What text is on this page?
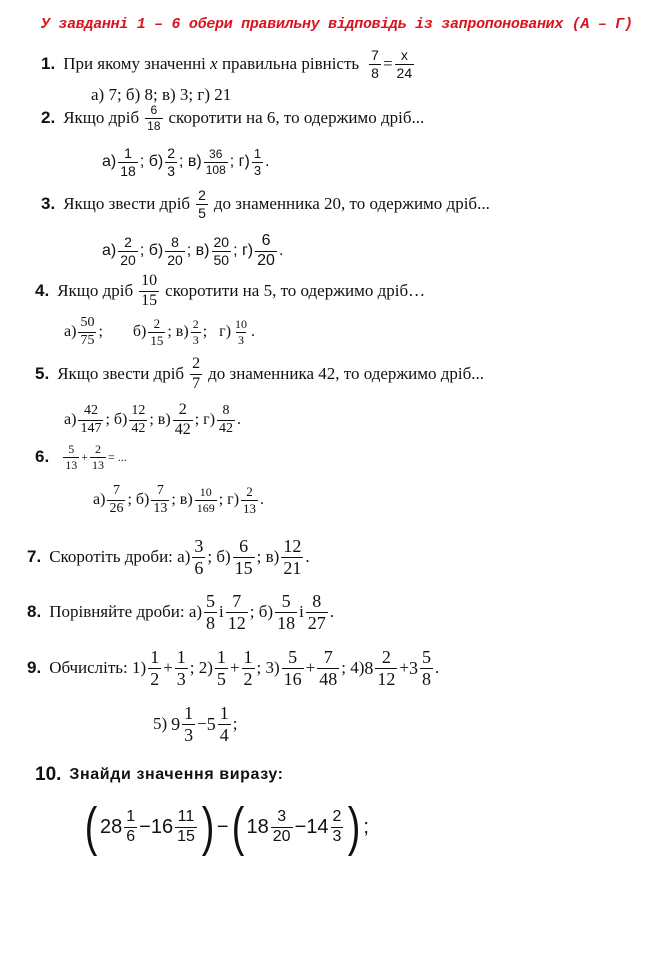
У завданні 1 – 6 обери правильну відповідь із запропонованих (А – Г)
1. При якому значенні x правильна рівність $\frac{7}{8} = \frac{x}{24}$
а) 7; б) 8; в) 3; г) 21
2. Якщо дріб $\frac{6}{18}$ скоротити на 6, то одержимо дріб...
$а) \frac{1}{18}$ ; $б) \frac{2}{3}$ ; $в) \frac{36}{108}$ ; $г) \frac{1}{3}$ .
3. Якщо звести дріб $\frac{2}{5}$ до знаменника 20, то одержимо дріб...
$а) \frac{2}{20}$ ; $б) \frac{8}{20}$ ; $в) \frac{20}{50}$ ; $г) \frac{6}{20}$ .
4. Якщо дріб $\frac{10}{15}$ скоротити на 5, то одержимо дріб…
$а) \frac{50}{75}$ ; $б) \frac{2}{15}$ ; $в) \frac{2}{3}$ ;   $г) \frac{10}{3}$ .
5. Якщо звести дріб $\frac{2}{7}$ до знаменника 42, то одержимо дріб...
$а) \frac{42}{147}$ ; $б) \frac{12}{42}$ ; $в) \frac{2}{42}$ ; $г) \frac{8}{42}$ .
6. $\frac{5}{13} + \frac{2}{13}$ = ...
$а) \frac{7}{26}$ ; $б) \frac{7}{13}$ ; $в) \frac{10}{169}$ ; $г) \frac{2}{13}$ .
7. Скоротіть дроби: $а) \frac{3}{6}$ ; $б) \frac{6}{15}$ ; $в) \frac{12}{21}$ .
8. Порівняйте дроби: $а) \frac{5}{8}$ і $\frac{7}{12}$ ; $б) \frac{5}{18}$ і $\frac{8}{27}$ .
9. Обчисліть: $1) \frac{1}{2} + \frac{1}{3}$ ; $2) \frac{1}{5} + \frac{1}{2}$ ; $3) \frac{5}{16} + \frac{7}{48}$ ; 4) $8 \frac{2}{12} + 3 \frac{5}{8}$ .
5) $9 \frac{1}{3} - 5 \frac{1}{4}$ ;
10. Знайди значення виразу:
( $28 \frac{1}{6} - 16 \frac{11}{15}$ ) − ( $18 \frac{3}{20} - 14 \frac{2}{3}$ ) ;
